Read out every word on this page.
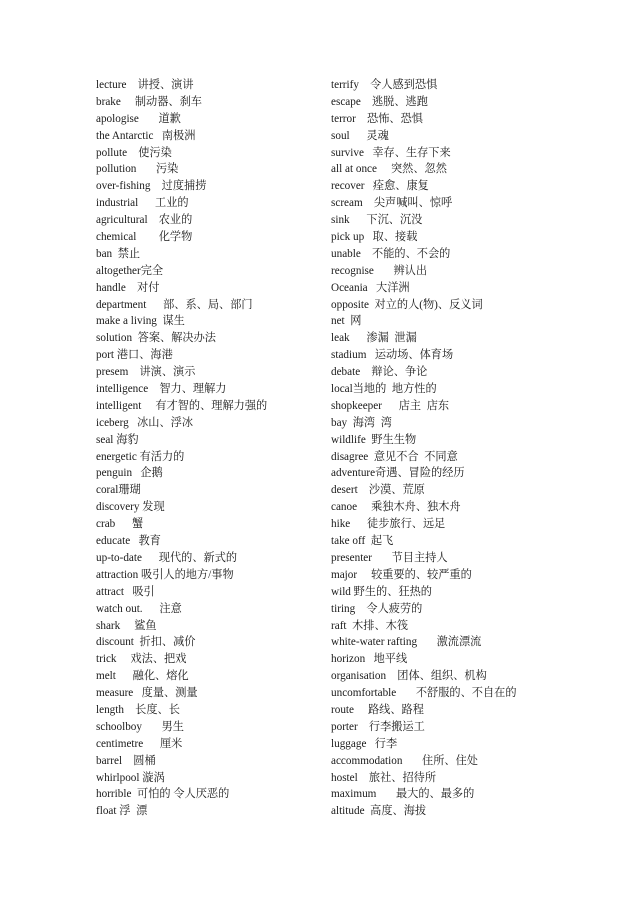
lecture    讲授、演讲
brake     制动器、刹车
apologise       道歉
the Antarctic   南极洲
pollute    使污染
pollution       污染
over-fishing    过度捕捞
industrial      工业的
agricultural    农业的
chemical        化学物
ban  禁止
altogether完全
handle    对付
department      部、系、局、部门
make a living  谋生
solution  答案、解决办法
port 港口、海港
presem    讲演、演示
intelligence    智力、理解力
intelligent     有才智的、理解力强的
iceberg   冰山、浮冰
seal 海豹
energetic 有活力的
penguin   企鹅
coral珊瑚
discovery 发现
crab      蟹
educate   教育
up-to-date      现代的、新式的
attraction 吸引人的地方/事物
attract   吸引
watch out.      注意
shark     鲨鱼
discount  折扣、减价
trick     戏法、把戏
melt      融化、熔化
measure   度量、测量
length    长度、长
schoolboy       男生
centimetre      厘米
barrel    圆桶
whirlpool 漩涡
horrible  可怕的 令人厌恶的
float 浮  漂
terrify    令人感到恐惧
escape    逃脱、逃跑
terror    恐怖、恐惧
soul      灵魂
survive   幸存、生存下来
all at once     突然、忽然
recover   痊愈、康复
scream    尖声喊叫、惊呼
sink      下沉、沉没
pick up   取、接载
unable    不能的、不会的
recognise       辨认出
Oceania   大洋洲
opposite  对立的人(物)、反义词
net  网
leak      渗漏  泄漏
stadium   运动场、体育场
debate    辩论、争论
local当地的  地方性的
shopkeeper      店主  店东
bay  海湾  湾
wildlife  野生生物
disagree  意见不合  不同意
adventure奇遇、冒险的经历
desert    沙漠、荒原
canoe     乘独木舟、独木舟
hike      徒步旅行、远足
take off  起飞
presenter       节目主持人
major     较重要的、较严重的
wild 野生的、狂热的
tiring    令人疲劳的
raft  木排、木筏
white-water rafting       激流漂流
horizon   地平线
organisation    团体、组织、机构
uncomfortable       不舒服的、不自在的
route     路线、路程
porter    行李搬运工
luggage   行李
accommodation       住所、住处
hostel    旅社、招待所
maximum       最大的、最多的
altitude  高度、海拔
